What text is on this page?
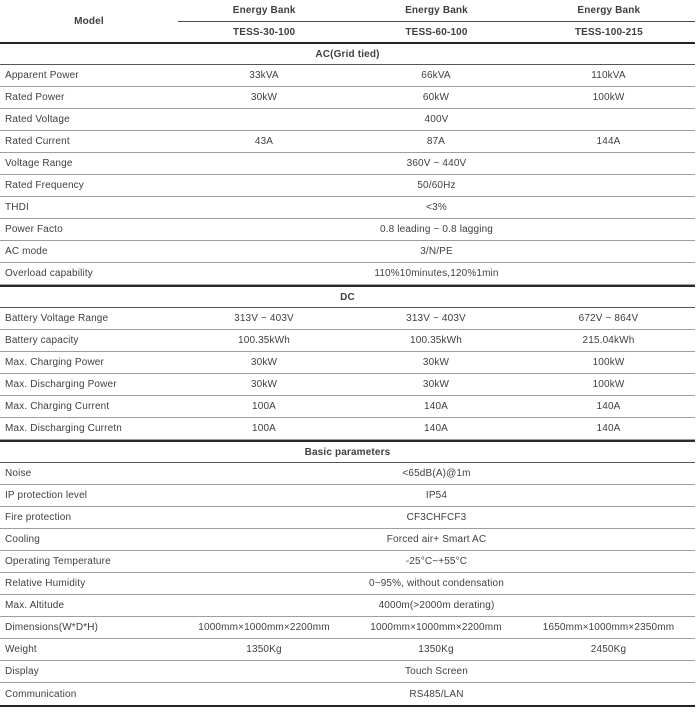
Model
Energy Bank	Energy Bank	Energy Bank
TESS-30-100	TESS-60-100	TESS-100-215
AC(Grid tied)
Apparent Power	33kVA	66kVA	110kVA
Rated Power	30kW	60kW	100kW
Rated Voltage	400V
Rated Current	43A	87A	144A
Voltage Range	360V ~ 440V
Rated Frequency	50/60Hz
THDI	<3%
Power Facto	0.8 leading ~ 0.8 lagging
AC mode	3/N/PE
Overload capability	110%10minutes,120%1min
DC
Battery Voltage Range	313V ~ 403V	313V ~ 403V	672V ~ 864V
Battery capacity	100.35kWh	100.35kWh	215.04kWh
Max. Charging Power	30kW	30kW	100kW
Max. Discharging Power	30kW	30kW	100kW
Max. Charging Current	100A	140A	140A
Max. Discharging Curretn	100A	140A	140A
Basic parameters
Noise	<65dB(A)@1m
IP protection level	IP54
Fire protection	CF3CHFCF3
Cooling	Forced air+ Smart AC
Operating Temperature	-25°C~+55°C
Relative Humidity	0~95%, without condensation
Max. Altitude	4000m(>2000m derating)
Dimensions(W*D*H)	1000mm×1000mm×2200mm	1000mm×1000mm×2200mm	1650mm×1000mm×2350mm
Weight	1350Kg	1350Kg	2450Kg
Display	Touch Screen
Communication	RS485/LAN
